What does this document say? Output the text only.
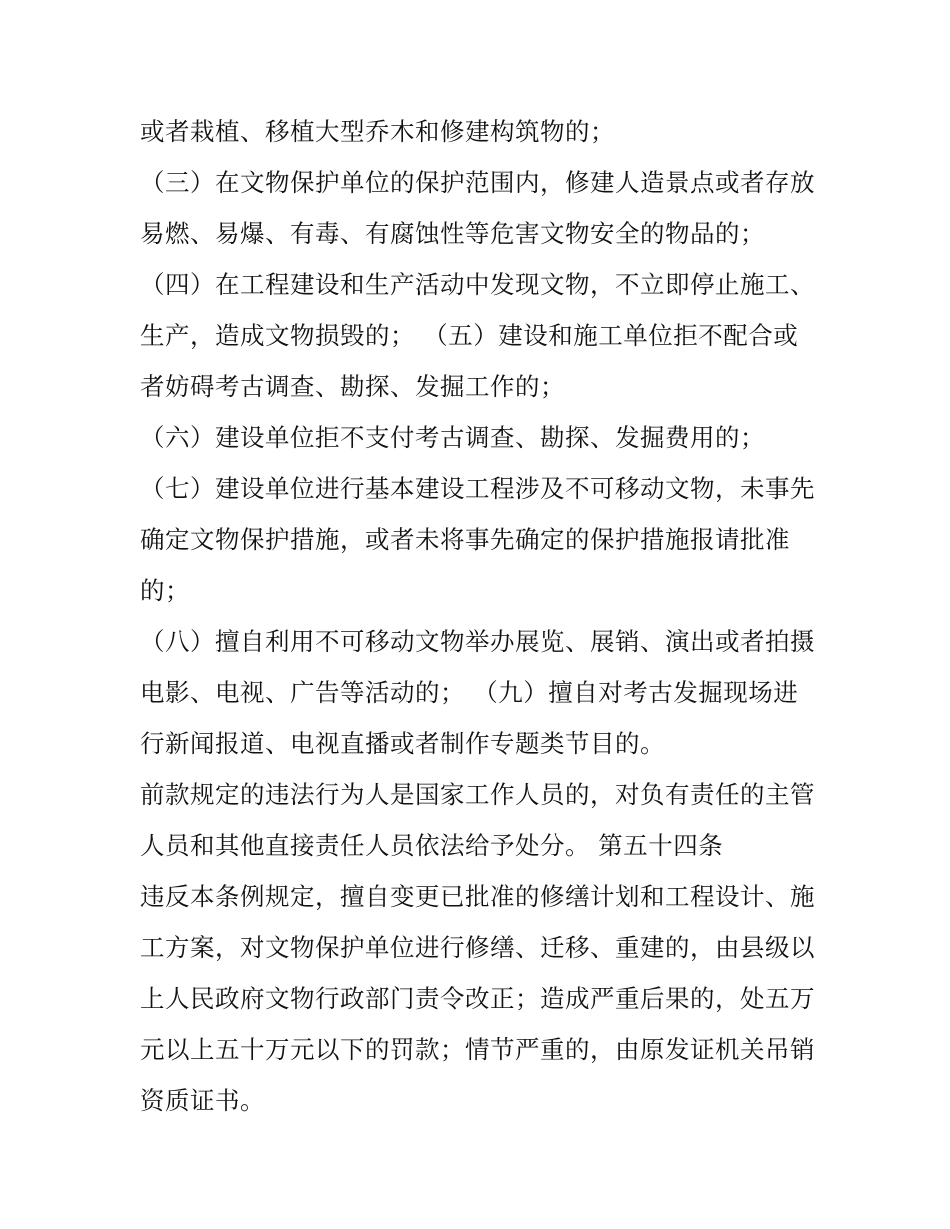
或者栽植、移植大型乔木和修建构筑物的；
（三）在文物保护单位的保护范围内，修建人造景点或者存放
易燃、易爆、有毒、有腐蚀性等危害文物安全的物品的；
（四）在工程建设和生产活动中发现文物，不立即停止施工、
生产，造成文物损毁的； （五）建设和施工单位拒不配合或
者妨碍考古调查、勘探、发掘工作的；
（六）建设单位拒不支付考古调查、勘探、发掘费用的；
（七）建设单位进行基本建设工程涉及不可移动文物，未事先
确定文物保护措施，或者未将事先确定的保护措施报请批准
的；
（八）擅自利用不可移动文物举办展览、展销、演出或者拍摄
电影、电视、广告等活动的； （九）擅自对考古发掘现场进
行新闻报道、电视直播或者制作专题类节目的。
前款规定的违法行为人是国家工作人员的，对负有责任的主管
人员和其他直接责任人员依法给予处分。 第五十四条
违反本条例规定，擅自变更已批准的修缮计划和工程设计、施
工方案，对文物保护单位进行修缮、迁移、重建的，由县级以
上人民政府文物行政部门责令改正；造成严重后果的，处五万
元以上五十万元以下的罚款；情节严重的，由原发证机关吊销
资质证书。
